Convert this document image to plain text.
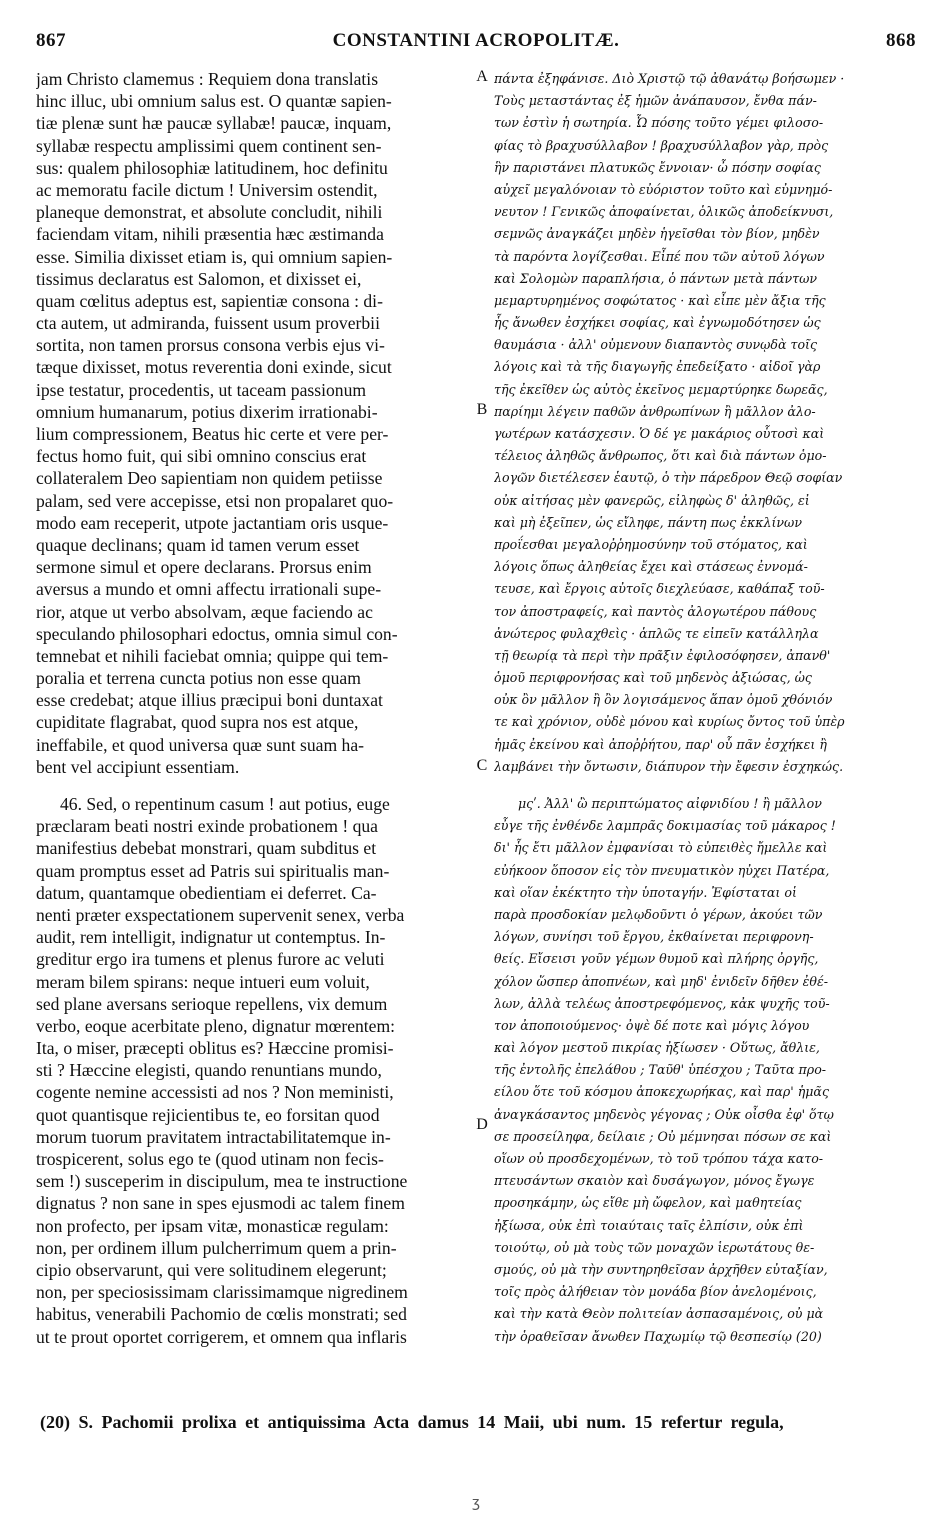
867	CONSTANTINI ACROPOLITÆ.	868
jam Christo clamemus : Requiem dona translatis
hinc illuc, ubi omnium salus est. O quantæ sapien-
tiæ plenæ sunt hæ paucæ syllabæ! paucæ, inquam,
syllabæ respectu amplissimi quem continent sen-
sus: qualem philosophiæ latitudinem, hoc definitu
ac memoratu facile dictum ! Universim ostendit,
planeque demonstrat, et absolute concludit, nihili
faciendam vitam, nihili præsentia hæc æstimanda
esse. Similia dixisset etiam is, qui omnium sapien-
tissimus declaratus est Salomon, et dixisset ei,
quam cœlitus adeptus est, sapientiæ consona : di-
cta autem, ut admiranda, fuissent usum proverbii
sortita, non tamen prorsus consona verbis ejus vi-
tæque dixisset, motus reverentia doni exinde, sicut
ipse testatur, procedentis, ut taceam passionum
omnium humanarum, potius dixerim irrationabi-
lium compressionem, Beatus hic certe et vere per-
fectus homo fuit, qui sibi omnino conscius erat
collateralem Deo sapientiam non quidem petiisse
palam, sed vere accepisse, etsi non propalaret quo-
modo eam receperit, utpote jactantiam oris usque-
quaque declinans; quam id tamen verum esset
sermone simul et opere declarans. Prorsus enim
aversus a mundo et omni affectu irrationali supe-
rior, atque ut verbo absolvam, æque faciendo ac
speculando philosophari edoctus, omnia simul con-
temnebat et nihili faciebat omnia; quippe qui tem-
poralia et terrena cuncta potius non esse quam
esse credebat; atque illius præcipui boni duntaxat
cupiditate flagrabat, quod supra nos est atque,
ineffabile, et quod universa quæ sunt suam ha-
bent vel accipiunt essentiam.
46. Sed, o repentinum casum ! aut potius, euge
præclaram beati nostri exinde probationem ! qua
manifestius debebat monstrari, quam subditus et
quam promptus esset ad Patris sui spiritualis man-
datum, quantamque obedientiam ei deferret. Ca-
nenti præter exspectationem supervenit senex, verba
audit, rem intelligit, indignatur ut contemptus. In-
greditur ergo ira tumens et plenus furore ac veluti
meram bilem spirans: neque intueri eum voluit,
sed plane aversans serioque repellens, vix demum
verbo, eoque acerbitate pleno, dignatur mœrentem:
Ita, o miser, præcepti oblitus es? Hæccine promisi-
sti ? Hæccine elegisti, quando renuntians mundo,
cogente nemine accessisti ad nos ? Non meministi,
quot quantisque rejicientibus te, eo forsitan quod
morum tuorum pravitatem intractabilitatemque in-
trospicerent, solus ego te (quod utinam non fecis-
sem !) susceperim in discipulum, mea te instructione
dignatus ? non sane in spes ejusmodi ac talem finem
non profecto, per ipsam vitæ, monasticæ regulam:
non, per ordinem illum pulcherrimum quem a prin-
cipio observarunt, qui vere solitudinem elegerunt;
non, per speciosissimam clarissimamque nigredinem
habitus, venerabili Pachomio de cœlis monstrati; sed
ut te prout oportet corrigerem, et omnem qua inflaris
πάντα ἐξηφάνισε. Διὸ Χριστῷ τῷ ἀθανάτῳ βοήσωμεν ·
Τοὺς μεταστάντας ἐξ ἡμῶν ἀνάπαυσον, ἔνθα πάν-
των ἐστὶν ἡ σωτηρία. Ὦ πόσης τοῦτο γέμει φιλοσο-
φίας τὸ βραχυσύλλαβον ! βραχυσύλλαβον γὰρ, πρὸς
ἣν παριστάνει πλατυκῶς ἔννοιαν· ὦ πόσην σοφίας
αὐχεῖ μεγαλόνοιαν τὸ εὐόριστον τοῦτο καὶ εὐμνημό-
νευτον ! Γενικῶς ἀποφαίνεται, ὁλικῶς ἀποδείκνυσι,
σεμνῶς ἀναγκάζει μηδὲν ἡγεῖσθαι τὸν βίον, μηδὲν
τὰ παρόντα λογίζεσθαι. Εἶπέ που τῶν αὐτοῦ λόγων
καὶ Σολομὼν παραπλήσια, ὁ πάντων μετὰ πάντων
μεμαρτυρημένος σοφώτατος · καὶ εἶπε μὲν ἄξια τῆς
ἧς ἄνωθεν ἐσχήκει σοφίας, καὶ ἐγνωμοδότησεν ὡς
θαυμάσια · ἀλλ' οὐμενουν διαπαντὸς συνῳδὰ τοῖς
λόγοις καὶ τὰ τῆς διαγωγῆς ἐπεδείξατο · αἰδοῖ γὰρ
τῆς ἐκεῖθεν ὡς αὐτὸς ἐκεῖνος μεμαρτύρηκε δωρεᾶς,
παρίημι λέγειν παθῶν ἀνθρωπίνων ἢ μᾶλλον ἀλο-
γωτέρων κατάσχεσιν. Ὁ δέ γε μακάριος οὗτοσὶ καὶ
τέλειος ἀληθῶς ἄνθρωπος, ὅτι καὶ διὰ πάντων ὁμο-
λογῶν διετέλεσεν ἑαυτῷ, ὁ τὴν πάρεδρον Θεῷ σοφίαν
οὐκ αἰτήσας μὲν φανερῶς, εἰληφὼς δ' ἀληθῶς, εἰ
καὶ μὴ ἐξεῖπεν, ὡς εἴληφε, πάντη πως ἐκκλίνων
προΐεσθαι μεγαλοῤῥημοσύνην τοῦ στόματος, καὶ
λόγοις ὅπως ἀληθείας ἔχει καὶ στάσεως ἐννομά-
τευσε, καὶ ἔργοις αὐτοῖς διεχλεύασε, καθάπαξ τοῦ-
τον ἀποστραφείς, καὶ παντὸς ἀλογωτέρου πάθους
ἀνώτερος φυλαχθεὶς · ἁπλῶς τε εἰπεῖν κατάλληλα
τῇ θεωρίᾳ τὰ περὶ τὴν πρᾶξιν ἐφιλοσόφησεν, ἀπανθ'
ὁμοῦ περιφρονήσας καὶ τοῦ μηδενὸς ἀξιώσας, ὡς
οὐκ ὂν μᾶλλον ἢ ὂν λογισάμενος ἅπαν ὁμοῦ χθόνιόν
τε καὶ χρόνιον, οὐδὲ μόνου καὶ κυρίως ὄντος τοῦ ὑπὲρ
ἡμᾶς ἐκείνου καὶ ἀποῤῥήτου, παρ' οὗ πᾶν ἐσχήκει ἢ
λαμβάνει τὴν ὄντωσιν, διάπυρον τὴν ἔφεσιν ἐσχηκώς.
μςʹ. Ἀλλ' ὢ περιπτώματος αἰφνιδίου ! ἢ μᾶλλον
εὖγε τῆς ἐνθένδε λαμπρᾶς δοκιμασίας τοῦ μάκαρος !
δι' ἧς ἔτι μᾶλλον ἐμφανίσαι τὸ εὐπειθὲς ἤμελλε καὶ
εὐήκοον ὅποσον εἰς τὸν πνευματικὸν ηὐχει Πατέρα,
καὶ οἵαν ἐκέκτητο τὴν ὑποταγήν. Ἐφίσταται οἱ
παρὰ προσδοκίαν μελῳδοῦντι ὁ γέρων, ἀκούει τῶν
λόγων, συνίησι τοῦ ἔργου, ἐκθαίνεται περιφρονη-
θείς. Εἴσεισι γοῦν γέμων θυμοῦ καὶ πλήρης ὀργῆς,
χόλον ὥσπερ ἀποπνέων, καὶ μηδ' ἐνιδεῖν δῆθεν ἐθέ-
λων, ἀλλὰ τελέως ἀποστρεφόμενος, κἀκ ψυχῆς τοῦ-
τον ἀποποιούμενος· ὀψὲ δέ ποτε καὶ μόγις λόγου
καὶ λόγον μεστοῦ πικρίας ἠξίωσεν · Οὕτως, ἄθλιε,
τῆς ἐντολῆς ἐπελάθου ; Ταῦθ' ὑπέσχου ; Ταῦτα προ-
είλου ὅτε τοῦ κόσμου ἀποκεχωρήκας, καὶ παρ' ἡμᾶς
ἀναγκάσαντος μηδενὸς γέγονας ; Οὐκ οἶσθα ἐφ' ὅτῳ
σε προσείληφα, δείλαιε ; Οὐ μέμνησαι πόσων σε καὶ
οἵων οὐ προσδεχομένων, τὸ τοῦ τρόπου τάχα κατο-
πτευσάντων σκαιὸν καὶ δυσάγωγον, μόνος ἔγωγε
προσηκάμην, ὡς εἴθε μὴ ὤφελον, καὶ μαθητείας
ἠξίωσα, οὐκ ἐπὶ τοιαύταις ταῖς ἐλπίσιν, οὐκ ἐπὶ
τοιούτῳ, οὐ μὰ τοὺς τῶν μοναχῶν ἱερωτάτους θε-
σμούς, οὐ μὰ τὴν συντηρηθεῖσαν ἀρχῆθεν εὐταξίαν,
τοῖς πρὸς ἀλήθειαν τὸν μονάδα βίον ἀνελομένοις,
καὶ τὴν κατὰ Θεὸν πολιτείαν ἀσπασαμένοις, οὐ μὰ
τὴν ὁραθεῖσαν ἄνωθεν Παχωμίῳ τῷ θεσπεσίῳ (20)
A
B
C
D
(20) S. Pachomii prolixa et antiquissima Acta damus 14 Maii, ubi num. 15 refertur regula,
ʒ
